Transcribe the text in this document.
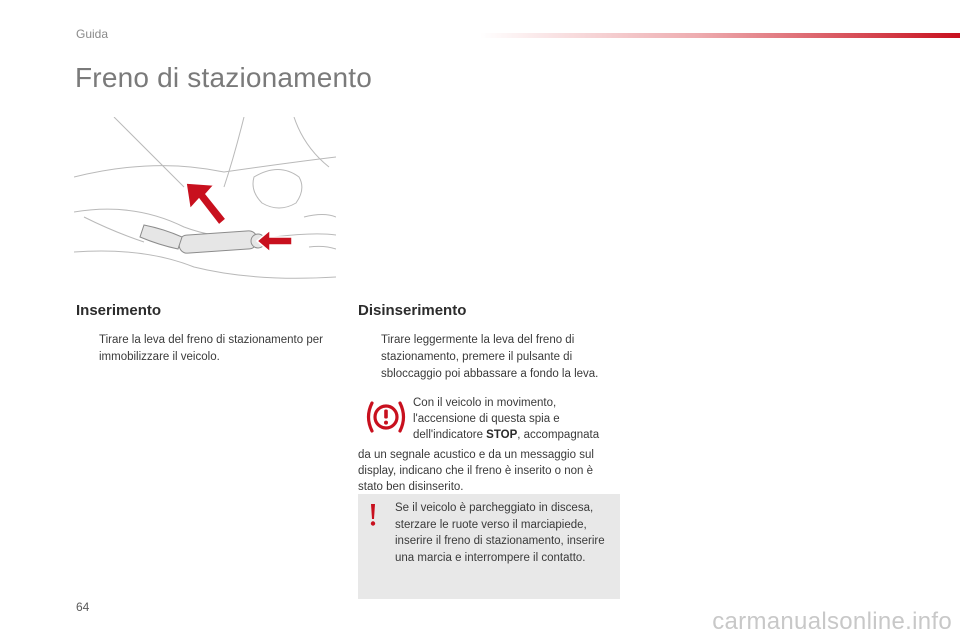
Guida
Freno di stazionamento
Inserimento
Tirare la leva del freno di stazionamento per immobilizzare il veicolo.
Disinserimento
Tirare leggermente la leva del freno di stazionamento, premere il pulsante di sbloccaggio poi abbassare a fondo la leva.
Con il veicolo in movimento, l'accensione di questa spia e dell'indicatore STOP, accompagnata
da un segnale acustico e da un messaggio sul display, indicano che il freno è inserito o non è stato ben disinserito.
Se il veicolo è parcheggiato in discesa, sterzare le ruote verso il marciapiede, inserire il freno di stazionamento, inserire una marcia e interrompere il contatto.
64
carmanualsonline.info
